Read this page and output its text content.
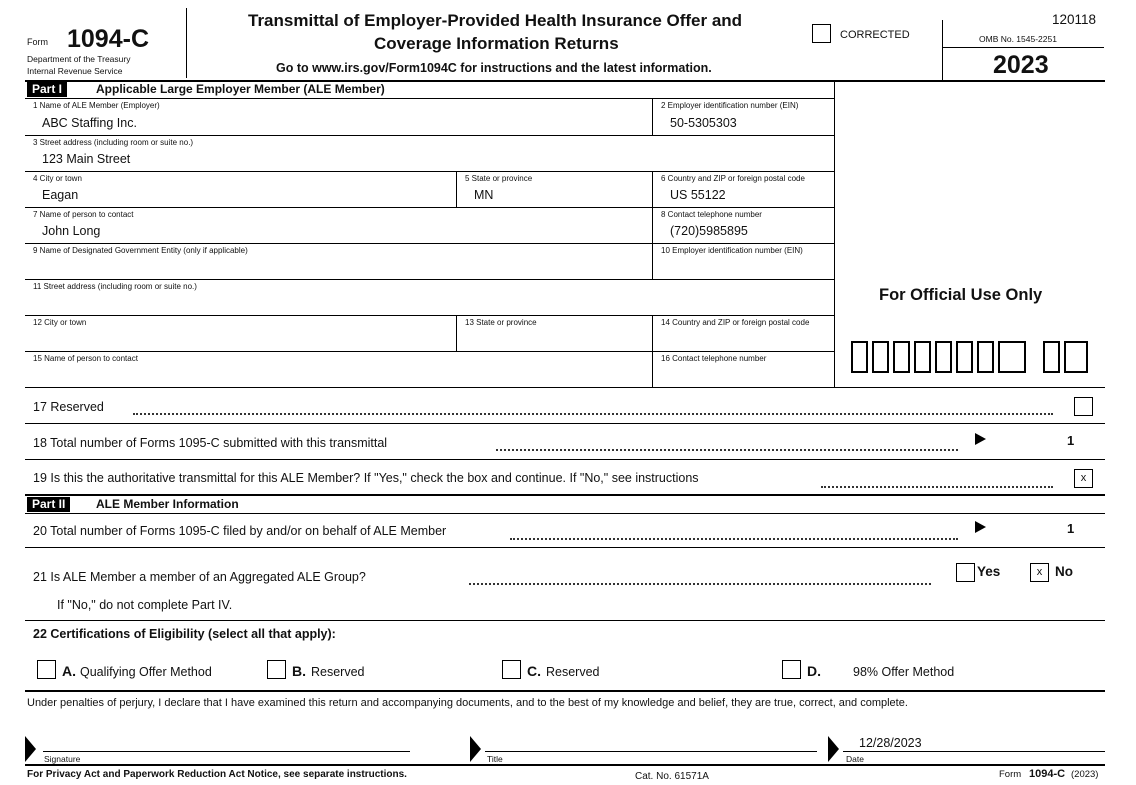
Form 1094-C
Department of the Treasury
Internal Revenue Service
Transmittal of Employer-Provided Health Insurance Offer and
Coverage Information Returns
Go to www.irs.gov/Form1094C for instructions and the latest information.
CORRECTED
120118
OMB No. 1545-2251
2023
Part I	Applicable Large Employer Member (ALE Member)
1 Name of ALE Member (Employer)
ABC Staffing Inc.
2 Employer identification number (EIN)
50-5305303
3 Street address (including room or suite no.)
123 Main Street
4 City or town
Eagan
5 State or province
MN
6 Country and ZIP or foreign postal code
US 55122
7 Name of person to contact
John Long
8 Contact telephone number
(720)5985895
9 Name of Designated Government Entity (only if applicable)	10 Employer identification number (EIN)
11 Street address (including room or suite no.)
12 City or town	13 State or province	14 Country and ZIP or foreign postal code
15 Name of person to contact	16 Contact telephone number
For Official Use Only
17 Reserved
18 Total number of Forms 1095-C submitted with this transmittal	1
19 Is this the authoritative transmittal for this ALE Member? If "Yes," check the box and continue. If "No," see instructions	x
Part II	ALE Member Information
20 Total number of Forms 1095-C filed by and/or on behalf of ALE Member	1
21 Is ALE Member a member of an Aggregated ALE Group?	Yes	x No
If "No," do not complete Part IV.
22 Certifications of Eligibility (select all that apply):
A. Qualifying Offer Method	B. Reserved	C. Reserved	D.	98% Offer Method
Under penalties of perjury, I declare that I have examined this return and accompanying documents, and to the best of my knowledge and belief, they are true, correct, and complete.
Signature	Title
12/28/2023
Date
For Privacy Act and Paperwork Reduction Act Notice, see separate instructions.	Cat. No. 61571A	Form 1094-C (2023)
